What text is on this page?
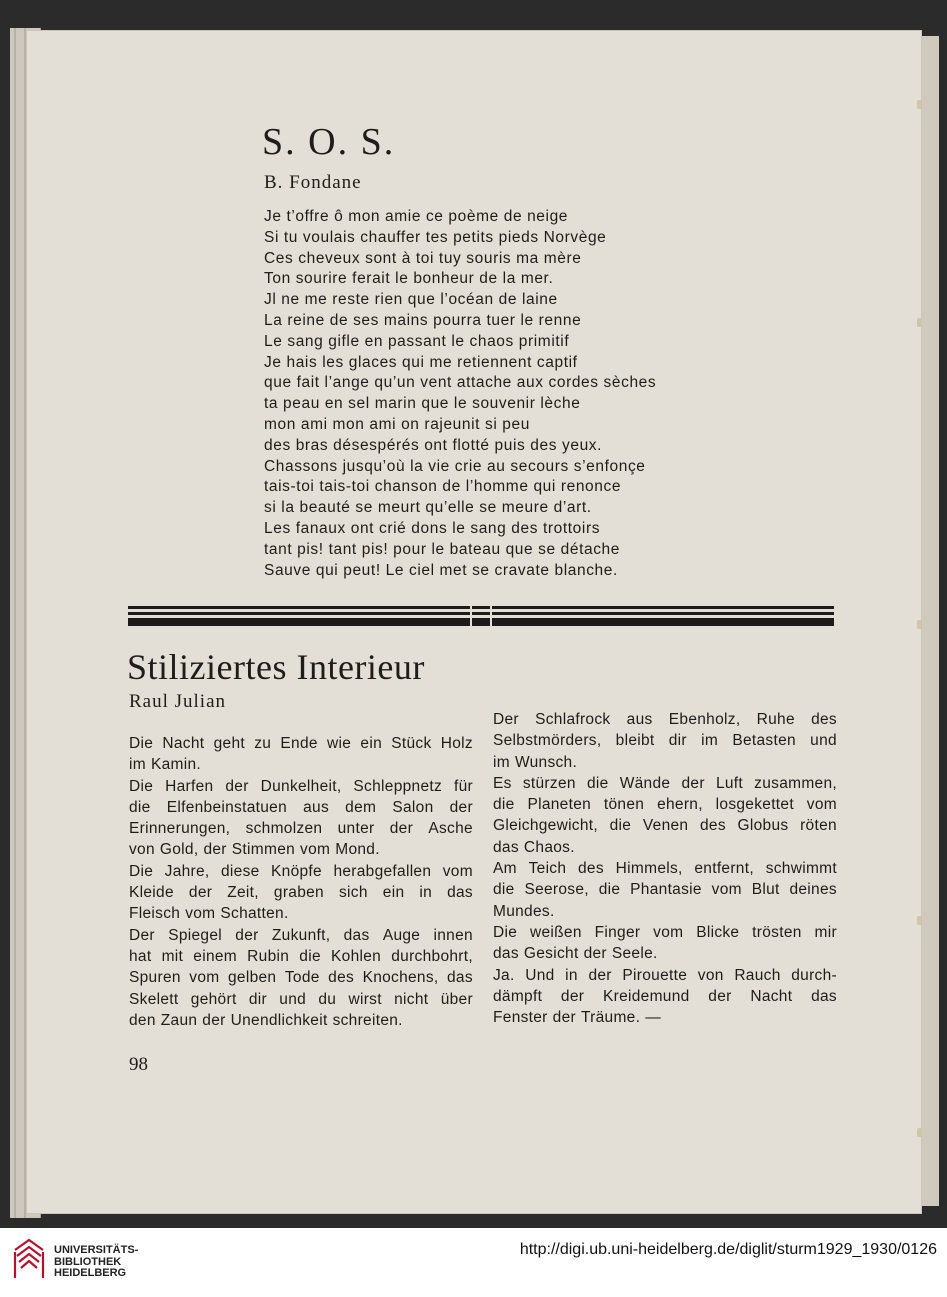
S. O. S.
B. Fondane
Je t’offre ô mon amie ce poème de neige
Si tu voulais chauffer tes petits pieds Norvège
Ces cheveux sont à toi tuy souris ma mère
Ton sourire ferait le bonheur de la mer.
Jl ne me reste rien que l’océan de laine
La reine de ses mains pourra tuer le renne
Le sang gifle en passant le chaos primitif
Je hais les glaces qui me retiennent captif
que fait l’ange qu’un vent attache aux cordes sèches
ta peau en sel marin que le souvenir lèche
mon ami mon ami on rajeunit si peu
des bras désespérés ont flotté puis des yeux.
Chassons jusqu’où la vie crie au secours s’enfonçe
tais-toi tais-toi chanson de l’homme qui renonce
si la beauté se meurt qu’elle se meure d’art.
Les fanaux ont crié dons le sang des trottoirs
tant pis! tant pis! pour le bateau que se détache
Sauve qui peut! Le ciel met se cravate blanche.
Stiliziertes Interieur
Raul Julian
Die Nacht geht zu Ende wie ein Stück Holz
im Kamin.
Die Harfen der Dunkelheit, Schleppnetz für
die Elfenbeinstatuen aus dem Salon der
Erinnerungen, schmolzen unter der Asche
von Gold, der Stimmen vom Mond.
Die Jahre, diese Knöpfe herabgefallen vom
Kleide der Zeit, graben sich ein in das
Fleisch vom Schatten.
Der Spiegel der Zukunft, das Auge innen
hat mit einem Rubin die Kohlen durchbohrt,
Spuren vom gelben Tode des Knochens, das
Skelett gehört dir und du wirst nicht über
den Zaun der Unendlichkeit schreiten.
Der Schlafrock aus Ebenholz, Ruhe des
Selbstmörders, bleibt dir im Betasten und
im Wunsch.
Es stürzen die Wände der Luft zusammen,
die Planeten tönen ehern, losgekettet vom
Gleichgewicht, die Venen des Globus röten
das Chaos.
Am Teich des Himmels, entfernt, schwimmt
die Seerose, die Phantasie vom Blut deines
Mundes.
Die weißen Finger vom Blicke trösten mir
das Gesicht der Seele.
Ja. Und in der Pirouette von Rauch durch-
dämpft der Kreidemund der Nacht das
Fenster der Träume. —
98
UNIVERSITÄTS-
BIBLIOTHEK
HEIDELBERG
http://digi.ub.uni-heidelberg.de/diglit/sturm1929_1930/0126
